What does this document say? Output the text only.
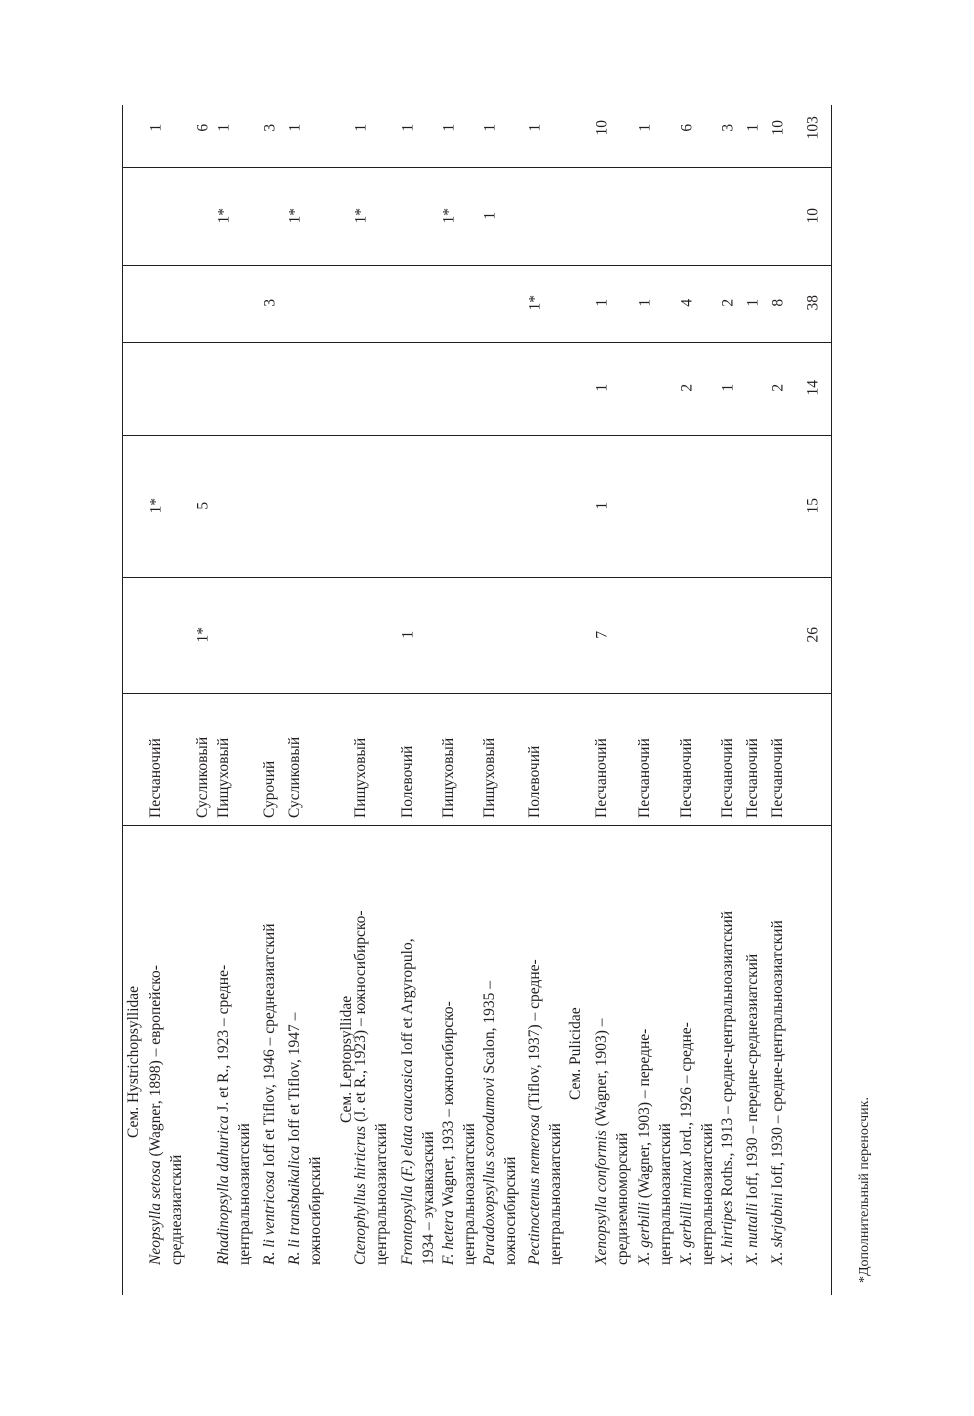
Сем. Hystrichopsyllidae	Сем. Leptopsyllidae	Сем. Pulicidae
Neopsylla setosa (Wagner, 1898) – европейско-
среднеазиатский
Песчаночий
1*
1
Сусликовый
1*
5
6
Rhadinopsylla dahurica J. et R., 1923 – средне-
центральноазиатский
Пищуховый
1*
1
R. li ventricosa Ioff et Tiflov, 1946 – среднеазиатский
Сурочий
3
3
R. li transbaikalica Ioff et Tiflov, 1947 –
южносибирский
Сусликовый
1*
1
Ctenophyllus hirticrus (J. et R., 1923) – южносибирско-
центральноазиатский
Пищуховый
1*
1
Frontopsylla (F.) elata caucasica Ioff et Argyropulo,
1934 – эукавказский
Полевочий
1
1
F. hetera Wagner, 1933 – южносибирско- центральноазиатский
Пищуховый
1*
1
Paradoxopsyllus scorodumovi Scalon, 1935 –
южносибирский
Пищуховый
1
1
Pectinoctenus nemerosa (Tiflov, 1937) – средне-
центральноазиатский
Полевочий
1*
1
Xenopsylla conformis (Wagner, 1903) –
средиземноморский
Песчаночий
7
1
1
1
10
X. gerbilli (Wagner, 1903) – передне- центральноазиатский
Песчаночий
1
1
X. gerbilli minax Jord., 1926 – средне-
центральноазиатский
Песчаночий
2
4
6
X. hirtipes Roths., 1913 – средне-центральноазиатский
Песчаночий
1
2
3
X. nuttalli Ioff, 1930 – передне-среднеазиатский
Песчаночий
1
1
X. skrjabini Ioff, 1930 – средне-центральноазиатский
Песчаночий
2
8
10
26
15
14
38
10
103
*Дополнительный переносчик.
